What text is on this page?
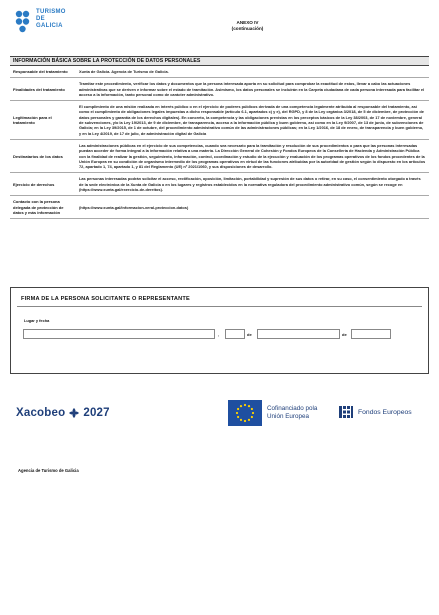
TURISMO
DE
GALICIA
ANEXO IV
(continuación)
INFORMACIÓN BÁSICA SOBRE LA PROTECCIÓN DE DATOS PERSONALES
Responsable del tratamiento	Xunta de Galicia. Agencia de Turismo de Galicia.
Finalidades del tratamiento	Tramitar este procedimiento, verificar los datos y documentos que la persona interesada aporta en su solicitud para comprobar la exactitud de estos, llevar a cabo las actuaciones administrativas que se deriven e informar sobre el estado de tramitación. Asimismo, los datos personales se incluirán en la Carpeta ciudadana de cada persona interesada para facilitar el acceso a la información, tanto personal como de carácter administrativo.
Legitimación para el tratamiento	El cumplimiento de una misión realizada en interés público o en el ejercicio de poderes públicos derivada de una competencia legalmente atribuida al responsable del tratamiento, así como el cumplimiento de obligaciones legales impuestas a dicho responsable (artículo 6.1, apartados c) y e), del RGPD, y 8 de la Ley orgánica 3/2018, de 5 de diciembre, de protección de datos personales y garantía de los derechos digitales). En concreto, la competencia y las obligaciones previstas en los preceptos básicos de la Ley 38/2003, de 17 de noviembre, general de subvenciones, y/o la Ley 19/2013, de 9 de diciembre, de transparencia, acceso a la información pública y buen gobierno, así como en la Ley 9/2007, de 13 de junio, de subvenciones de Galicia; en la Ley 39/2015, de 1 de octubre, del procedimiento administrativo común de las administraciones públicas; en la Ley 1/2016, de 18 de enero, de transparencia y buen gobierno, y en la Ley 4/2019, de 17 de julio, de administración digital de Galicia
Destinatarios de los datos	Las administraciones públicas en el ejercicio de sus competencias, cuando sea necesario para la tramitación y resolución de sus procedimientos o para que las personas interesadas puedan acceder de forma integral a la información relativa a una materia. La Dirección General de Cohesión y Fondos Europeos de la Consellería de Hacienda y Administración Pública con la finalidad de realizar la gestión, seguimiento, información, control, coordinación y estudio de la ejecución y evaluación de los programas operativos de los fondos procedentes de la Unión Europea en su condición de organismo intermedio de los programas operativos en virtud de las funciones atribuidas por la autoridad de gestión según lo dispuesto en los artículos 72, apartado 1, 74, apartado 1, y 81 del Reglamento (UE) nº 2021/1060, y sus disposiciones de desarrollo.
Ejercicio de derechos	Las personas interesadas podrán solicitar el acceso, rectificación, oposición, limitación, portabilidad y supresión de sus datos o retirar, en su caso, el consentimiento otorgado a través de la sede electrónica de la Xunta de Galicia o en los lugares y registros establecidos en la normativa reguladora del procedimiento administrativo común, según se recoge en (https://www.xunta.gal/exercicio-de-dereitos).
Contacto con la persona delegada de protección de datos y más información	(https://www.xunta.gal/informacion-xeral-proteccion-datos)
FIRMA DE LA PERSONA SOLICITANTE O REPRESENTANTE
Lugar y fecha
,	de	de
Xacobeo 2027	Cofinanciado pola
Unión Europea
Fondos Europeos
Agencia de Turismo de Galicia
